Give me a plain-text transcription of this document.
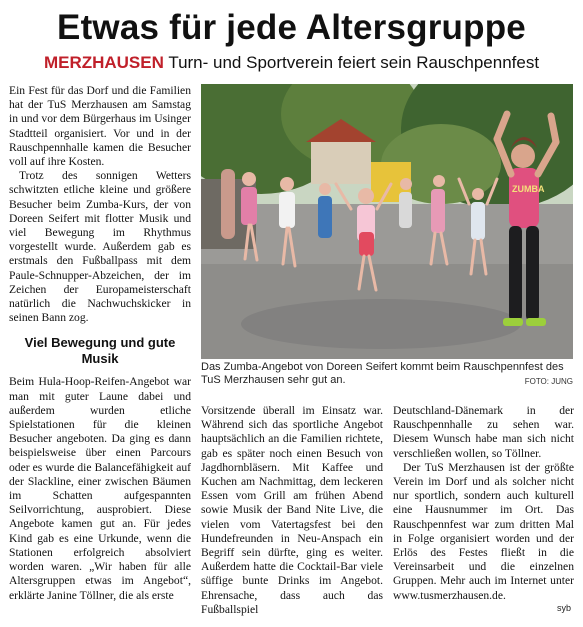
Etwas für jede Altersgruppe
MERZHAUSEN Turn- und Sportverein feiert sein Rauschpennfest

Ein Fest für das Dorf und die Familien hat der TuS Merzhausen am Samstag in und vor dem Bürgerhaus im Usinger Stadtteil organisiert. Vor und in der Rauschpennhalle kamen die Besucher voll auf ihre Kosten.

Trotz des sonnigen Wetters schwitzten etliche kleine und größere Besucher beim Zumba-Kurs, der von Doreen Seifert mit flotter Musik und viel Bewegung im Rhythmus vorgestellt wurde. Außerdem gab es erstmals den Fußballpass mit dem Paule-Schnupper-Abzeichen, der im Zeichen der Europameisterschaft natürlich die Nachwuchskicker in seinen Bann zog.

Viel Bewegung und gute Musik

Beim Hula-Hoop-Reifen-Angebot war man mit guter Laune dabei und außerdem wurden etliche Spielstationen für die kleinen Besucher angeboten. Da ging es dann beispielsweise über einen Parcours oder es wurde die Balancefähigkeit auf der Slackline, einer zwischen Bäumen im Schatten aufgespannten Seilvorrichtung, ausprobiert. Diese Angebote kamen gut an. Für jedes Kind gab es eine Urkunde, wenn die Stationen erfolgreich absolviert worden waren. „Wir haben für alle Altersgruppen etwas im Angebot“, erklärte Janine Töllner, die als erste

Vorsitzende überall im Einsatz war. Während sich das sportliche Angebot hauptsächlich an die Familien richtete, gab es später noch einen Besuch von Jagdhornbläsern. Mit Kaffee und Kuchen am Nachmittag, dem leckeren Essen vom Grill am frühen Abend sowie Musik der Band Nite Live, die vielen vom Vatertagsfest bei den Hundefreunden in Neu-Anspach ein Begriff sein dürfte, ging es weiter. Außerdem hatte die Cocktail-Bar viele süffige bunte Drinks im Angebot. Ehrensache, dass auch das Fußballspiel

Deutschland-Dänemark in der Rauschpennhalle zu sehen war. Diesem Wunsch habe man sich nicht verschließen wollen, so Töllner.

Der TuS Merzhausen ist der größte Verein im Dorf und als solcher nicht nur sportlich, sondern auch kulturell eine Hausnummer im Ort. Das Rauschpennfest war zum dritten Mal in Folge organisiert worden und der Erlös des Festes fließt in die Vereinsarbeit und die einzelnen Gruppen. Mehr auch im Internet unter www.tusmerzhausen.de.

ZUMBA
Das Zumba-Angebot von Doreen Seifert kommt beim Rauschpennfest des TuS Merzhausen sehr gut an.	FOTO: JUNG
syb
